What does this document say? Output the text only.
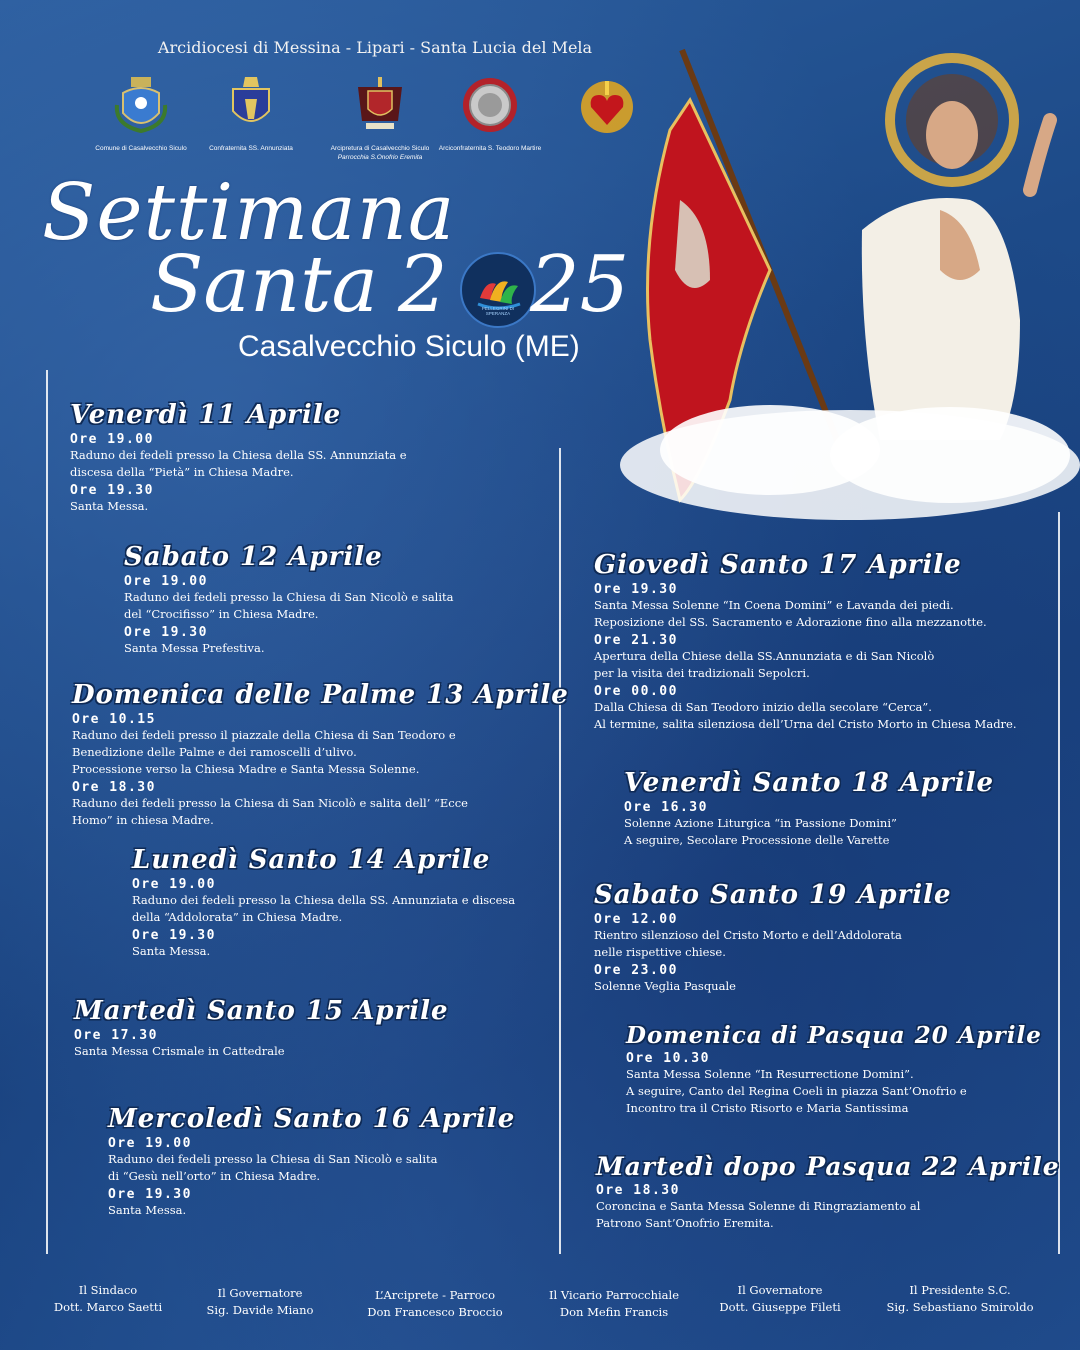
Arcidiocesi di Messina - Lipari - Santa Lucia del Mela
Comune di Casalvecchio Siculo	Confraternita SS. Annunziata	Arcipretura di Casalvecchio Siculo
Parrocchia S.Onofrio Eremita
Arciconfraternita S. Teodoro Martire
Settimana
Santa 2	PELLEGRINI DI SPERANZA 25
Casalvecchio Siculo (ME)
Venerdì 11 Aprile
Ore 19.00
Raduno dei fedeli presso la Chiesa della SS. Annunziata e
discesa della “Pietà” in Chiesa Madre.
Ore 19.30
Santa Messa.
Sabato 12 Aprile
Ore 19.00
Raduno dei fedeli presso la Chiesa di San Nicolò e salita
del “Crocifisso” in Chiesa Madre.
Ore 19.30
Santa Messa Prefestiva.
Domenica delle Palme 13 Aprile
Ore 10.15
Raduno dei fedeli presso il piazzale della Chiesa di San Teodoro e
Benedizione delle Palme e dei ramoscelli d’ulivo.
Processione verso la Chiesa Madre e Santa Messa Solenne.
Ore 18.30
Raduno dei fedeli presso la Chiesa di San Nicolò e salita dell’ “Ecce
Homo” in chiesa Madre.
Lunedì Santo 14 Aprile
Ore 19.00
Raduno dei fedeli presso la Chiesa della SS. Annunziata e discesa
della “Addolorata” in Chiesa Madre.
Ore 19.30
Santa Messa.
Martedì Santo 15 Aprile
Ore 17.30
Santa Messa Crismale in Cattedrale
Mercoledì Santo 16 Aprile
Ore 19.00
Raduno dei fedeli presso la Chiesa di San Nicolò e salita
di “Gesù nell’orto” in Chiesa Madre.
Ore 19.30
Santa Messa.
Giovedì Santo 17 Aprile
Ore 19.30
Santa Messa Solenne “In Coena Domini” e Lavanda dei piedi.
Reposizione del SS. Sacramento e Adorazione fino alla mezzanotte.
Ore 21.30
Apertura della Chiese della SS.Annunziata e di San Nicolò
per la visita dei tradizionali Sepolcri.
Ore 00.00
Dalla Chiesa di San Teodoro inizio della secolare “Cerca”.
Al termine, salita silenziosa dell’Urna del Cristo Morto in Chiesa Madre.
Venerdì Santo 18 Aprile
Ore 16.30
Solenne Azione Liturgica “in Passione Domini”
A seguire, Secolare Processione delle Varette
Sabato Santo 19 Aprile
Ore 12.00
Rientro silenzioso del Cristo Morto e dell’Addolorata
nelle rispettive chiese.
Ore 23.00
Solenne Veglia Pasquale
Domenica di Pasqua 20 Aprile
Ore 10.30
Santa Messa Solenne “In Resurrectione Domini”.
A seguire, Canto del Regina Coeli in piazza Sant’Onofrio e
Incontro tra il Cristo Risorto e Maria Santissima
Martedì dopo Pasqua 22 Aprile
Ore 18.30
Coroncina e Santa Messa Solenne di Ringraziamento al
Patrono Sant’Onofrio Eremita.
Il Sindaco
Dott. Marco Saetti
Il Governatore
Sig. Davide Miano
L’Arciprete - Parroco
Don Francesco Broccio
Il Vicario Parrocchiale
Don Mefin Francis
Il Governatore
Dott. Giuseppe Fileti
Il Presidente S.C.
Sig. Sebastiano Smiroldo
